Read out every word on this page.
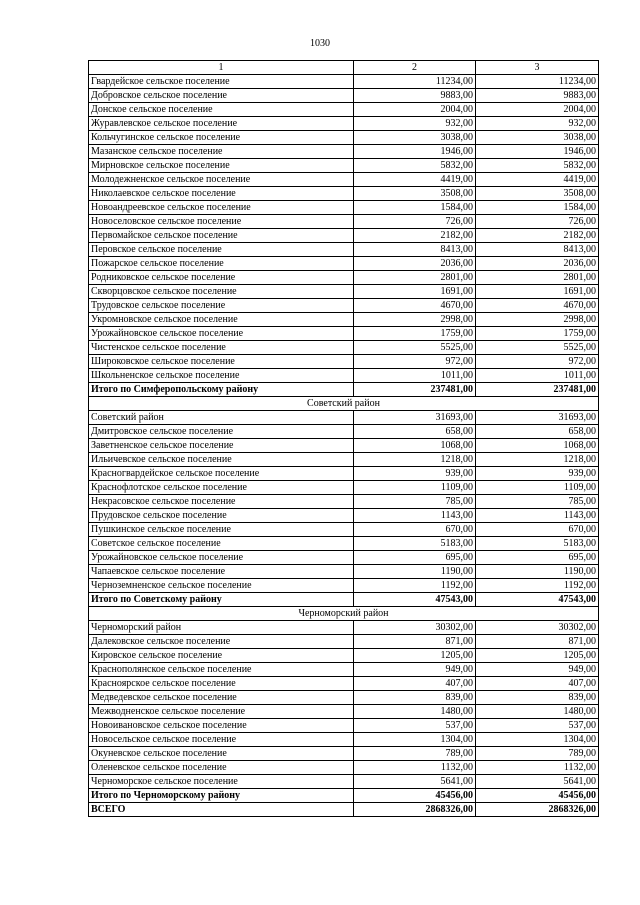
1030
1	2	3
Гвардейское сельское поселение	11234,00	11234,00
Добровское сельское поселение	9883,00	9883,00
Донское сельское поселение	2004,00	2004,00
Журавлевское сельское поселение	932,00	932,00
Кольчугинское сельское поселение	3038,00	3038,00
Мазанское сельское поселение	1946,00	1946,00
Мирновское сельское поселение	5832,00	5832,00
Молодежненское сельское поселение	4419,00	4419,00
Николаевское сельское поселение	3508,00	3508,00
Новоандреевское сельское поселение	1584,00	1584,00
Новоселовское сельское поселение	726,00	726,00
Первомайское сельское поселение	2182,00	2182,00
Перовское сельское поселение	8413,00	8413,00
Пожарское сельское поселение	2036,00	2036,00
Родниковское сельское поселение	2801,00	2801,00
Скворцовское сельское поселение	1691,00	1691,00
Трудовское сельское поселение	4670,00	4670,00
Укромновское сельское поселение	2998,00	2998,00
Урожайновское сельское поселение	1759,00	1759,00
Чистенское сельское поселение	5525,00	5525,00
Широковское сельское поселение	972,00	972,00
Школьненское сельское поселение	1011,00	1011,00
Итого по Симферопольскому району	237481,00	237481,00
Советский район		
Советский район	31693,00	31693,00
Дмитровское сельское поселение	658,00	658,00
Заветненское сельское поселение	1068,00	1068,00
Ильичевское сельское поселение	1218,00	1218,00
Красногвардейское сельское поселение	939,00	939,00
Краснофлотское сельское поселение	1109,00	1109,00
Некрасовское сельское поселение	785,00	785,00
Прудовское сельское поселение	1143,00	1143,00
Пушкинское сельское поселение	670,00	670,00
Советское сельское поселение	5183,00	5183,00
Урожайновское сельское поселение	695,00	695,00
Чапаевское сельское поселение	1190,00	1190,00
Черноземненское сельское поселение	1192,00	1192,00
Итого по Советскому району	47543,00	47543,00
Черноморский район		
Черноморский район	30302,00	30302,00
Далековское сельское поселение	871,00	871,00
Кировское сельское поселение	1205,00	1205,00
Краснополянское сельское поселение	949,00	949,00
Красноярское сельское поселение	407,00	407,00
Медведевское сельское поселение	839,00	839,00
Межводненское сельское поселение	1480,00	1480,00
Новоивановское сельское поселение	537,00	537,00
Новосельское сельское поселение	1304,00	1304,00
Окуневское сельское поселение	789,00	789,00
Оленевское сельское поселение	1132,00	1132,00
Черноморское сельское поселение	5641,00	5641,00
Итого по Черноморскому району	45456,00	45456,00
ВСЕГО	2868326,00	2868326,00
